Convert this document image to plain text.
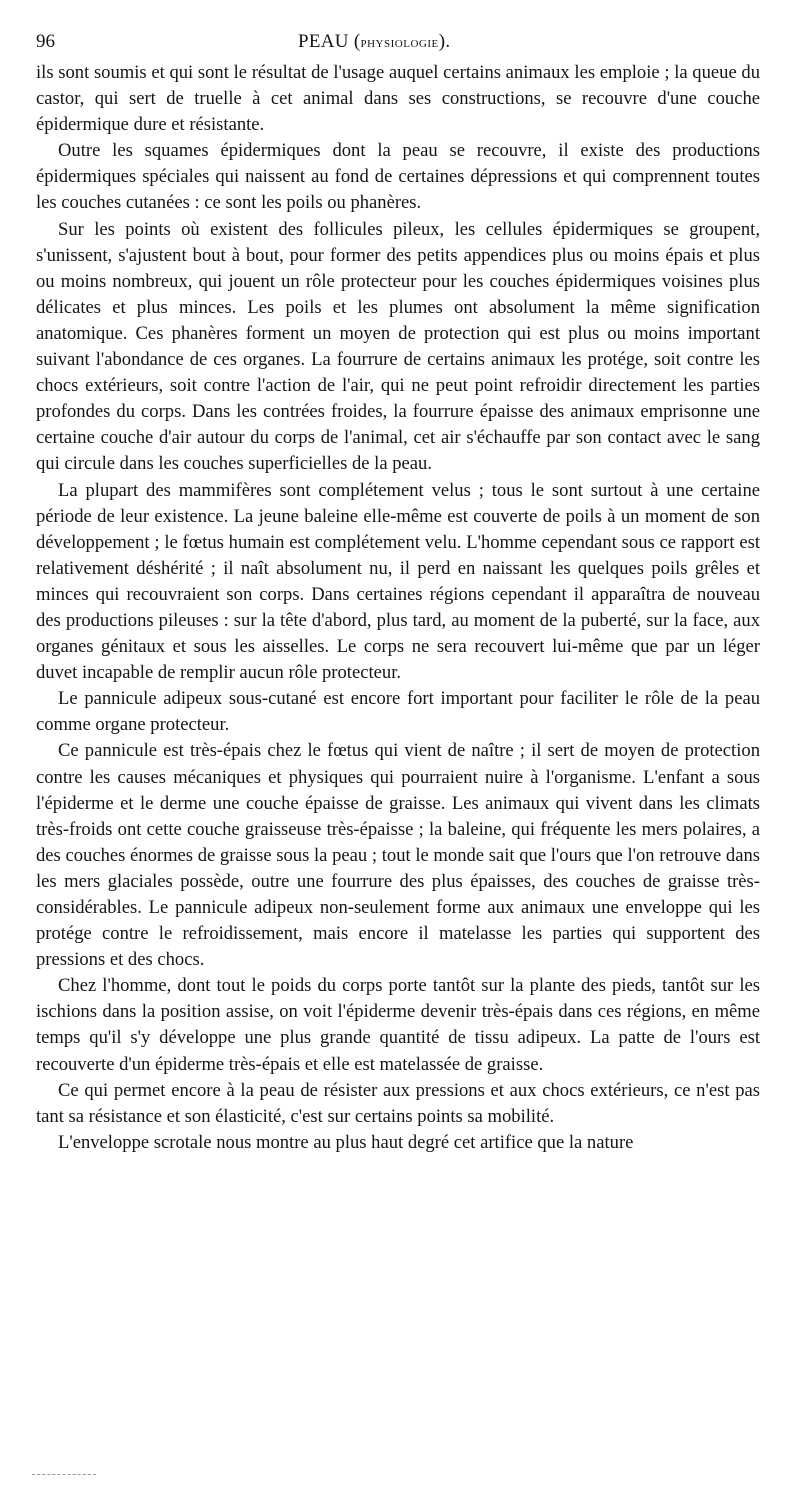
96	PEAU (physiologie).

ils sont soumis et qui sont le résultat de l'usage auquel certains animaux les emploie ; la queue du castor, qui sert de truelle à cet animal dans ses constructions, se recouvre d'une couche épidermique dure et résistante.

Outre les squames épidermiques dont la peau se recouvre, il existe des productions épidermiques spéciales qui naissent au fond de certaines dépressions et qui comprennent toutes les couches cutanées : ce sont les poils ou phanères.

Sur les points où existent des follicules pileux, les cellules épidermiques se groupent, s'unissent, s'ajustent bout à bout, pour former des petits appendices plus ou moins épais et plus ou moins nombreux, qui jouent un rôle protecteur pour les couches épidermiques voisines plus délicates et plus minces. Les poils et les plumes ont absolument la même signification anatomique. Ces phanères forment un moyen de protection qui est plus ou moins important suivant l'abondance de ces organes. La fourrure de certains animaux les protége, soit contre les chocs extérieurs, soit contre l'action de l'air, qui ne peut point refroidir directement les parties profondes du corps. Dans les contrées froides, la fourrure épaisse des animaux emprisonne une certaine couche d'air autour du corps de l'animal, cet air s'échauffe par son contact avec le sang qui circule dans les couches superficielles de la peau.

La plupart des mammifères sont complétement velus ; tous le sont surtout à une certaine période de leur existence. La jeune baleine elle-même est couverte de poils à un moment de son développement ; le fœtus humain est complétement velu. L'homme cependant sous ce rapport est relativement déshérité ; il naît absolument nu, il perd en naissant les quelques poils grêles et minces qui recouvraient son corps. Dans certaines régions cependant il apparaîtra de nouveau des productions pileuses : sur la tête d'abord, plus tard, au moment de la puberté, sur la face, aux organes génitaux et sous les aisselles. Le corps ne sera recouvert lui-même que par un léger duvet incapable de remplir aucun rôle protecteur.

Le pannicule adipeux sous-cutané est encore fort important pour faciliter le rôle de la peau comme organe protecteur.

Ce pannicule est très-épais chez le fœtus qui vient de naître ; il sert de moyen de protection contre les causes mécaniques et physiques qui pourraient nuire à l'organisme. L'enfant a sous l'épiderme et le derme une couche épaisse de graisse. Les animaux qui vivent dans les climats très-froids ont cette couche graisseuse très-épaisse ; la baleine, qui fréquente les mers polaires, a des couches énormes de graisse sous la peau ; tout le monde sait que l'ours que l'on retrouve dans les mers glaciales possède, outre une fourrure des plus épaisses, des couches de graisse très-considérables. Le pannicule adipeux non-seulement forme aux animaux une enveloppe qui les protége contre le refroidissement, mais encore il matelasse les parties qui supportent des pressions et des chocs.

Chez l'homme, dont tout le poids du corps porte tantôt sur la plante des pieds, tantôt sur les ischions dans la position assise, on voit l'épiderme devenir très-épais dans ces régions, en même temps qu'il s'y développe une plus grande quantité de tissu adipeux. La patte de l'ours est recouverte d'un épiderme très-épais et elle est matelassée de graisse.

Ce qui permet encore à la peau de résister aux pressions et aux chocs extérieurs, ce n'est pas tant sa résistance et son élasticité, c'est sur certains points sa mobilité.

L'enveloppe scrotale nous montre au plus haut degré cet artifice que la nature
